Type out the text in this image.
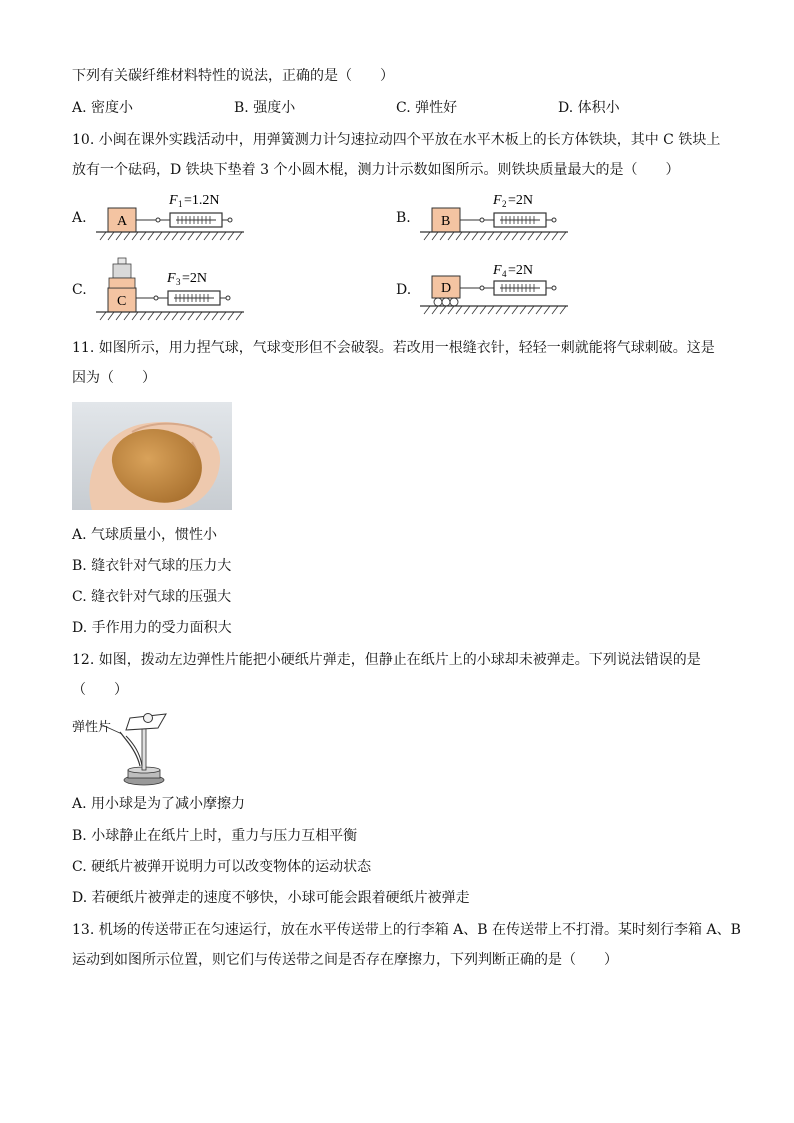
下列有关碳纤维材料特性的说法，正确的是（　　）
A. 密度小	B. 强度小	C. 弹性好	D. 体积小
10. 小闽在课外实践活动中，用弹簧测力计匀速拉动四个平放在水平木板上的长方体铁块，其中 C 铁块上
放有一个砝码，D 铁块下垫着 3 个小圆木棍，测力计示数如图所示。则铁块质量最大的是（　　）
A.
F 1 =1.2N
A	B.
F 2 =2N
B
C.
F 3 =2N
C
D.
F 4 =2N
D
11. 如图所示，用力捏气球，气球变形但不会破裂。若改用一根缝衣针，轻轻一刺就能将气球刺破。这是
因为（　　）
A. 气球质量小，惯性小
B. 缝衣针对气球的压力大
C. 缝衣针对气球的压强大
D. 手作用力的受力面积大
12. 如图，拨动左边弹性片能把小硬纸片弹走，但静止在纸片上的小球却未被弹走。下列说法错误的是
（　　）
弹性片
A. 用小球是为了减小摩擦力
B. 小球静止在纸片上时，重力与压力互相平衡
C. 硬纸片被弹开说明力可以改变物体的运动状态
D. 若硬纸片被弹走的速度不够快，小球可能会跟着硬纸片被弹走
13. 机场的传送带正在匀速运行，放在水平传送带上的行李箱 A、B 在传送带上不打滑。某时刻行李箱 A、B
运动到如图所示位置，则它们与传送带之间是否存在摩擦力，下列判断正确的是（　　）
